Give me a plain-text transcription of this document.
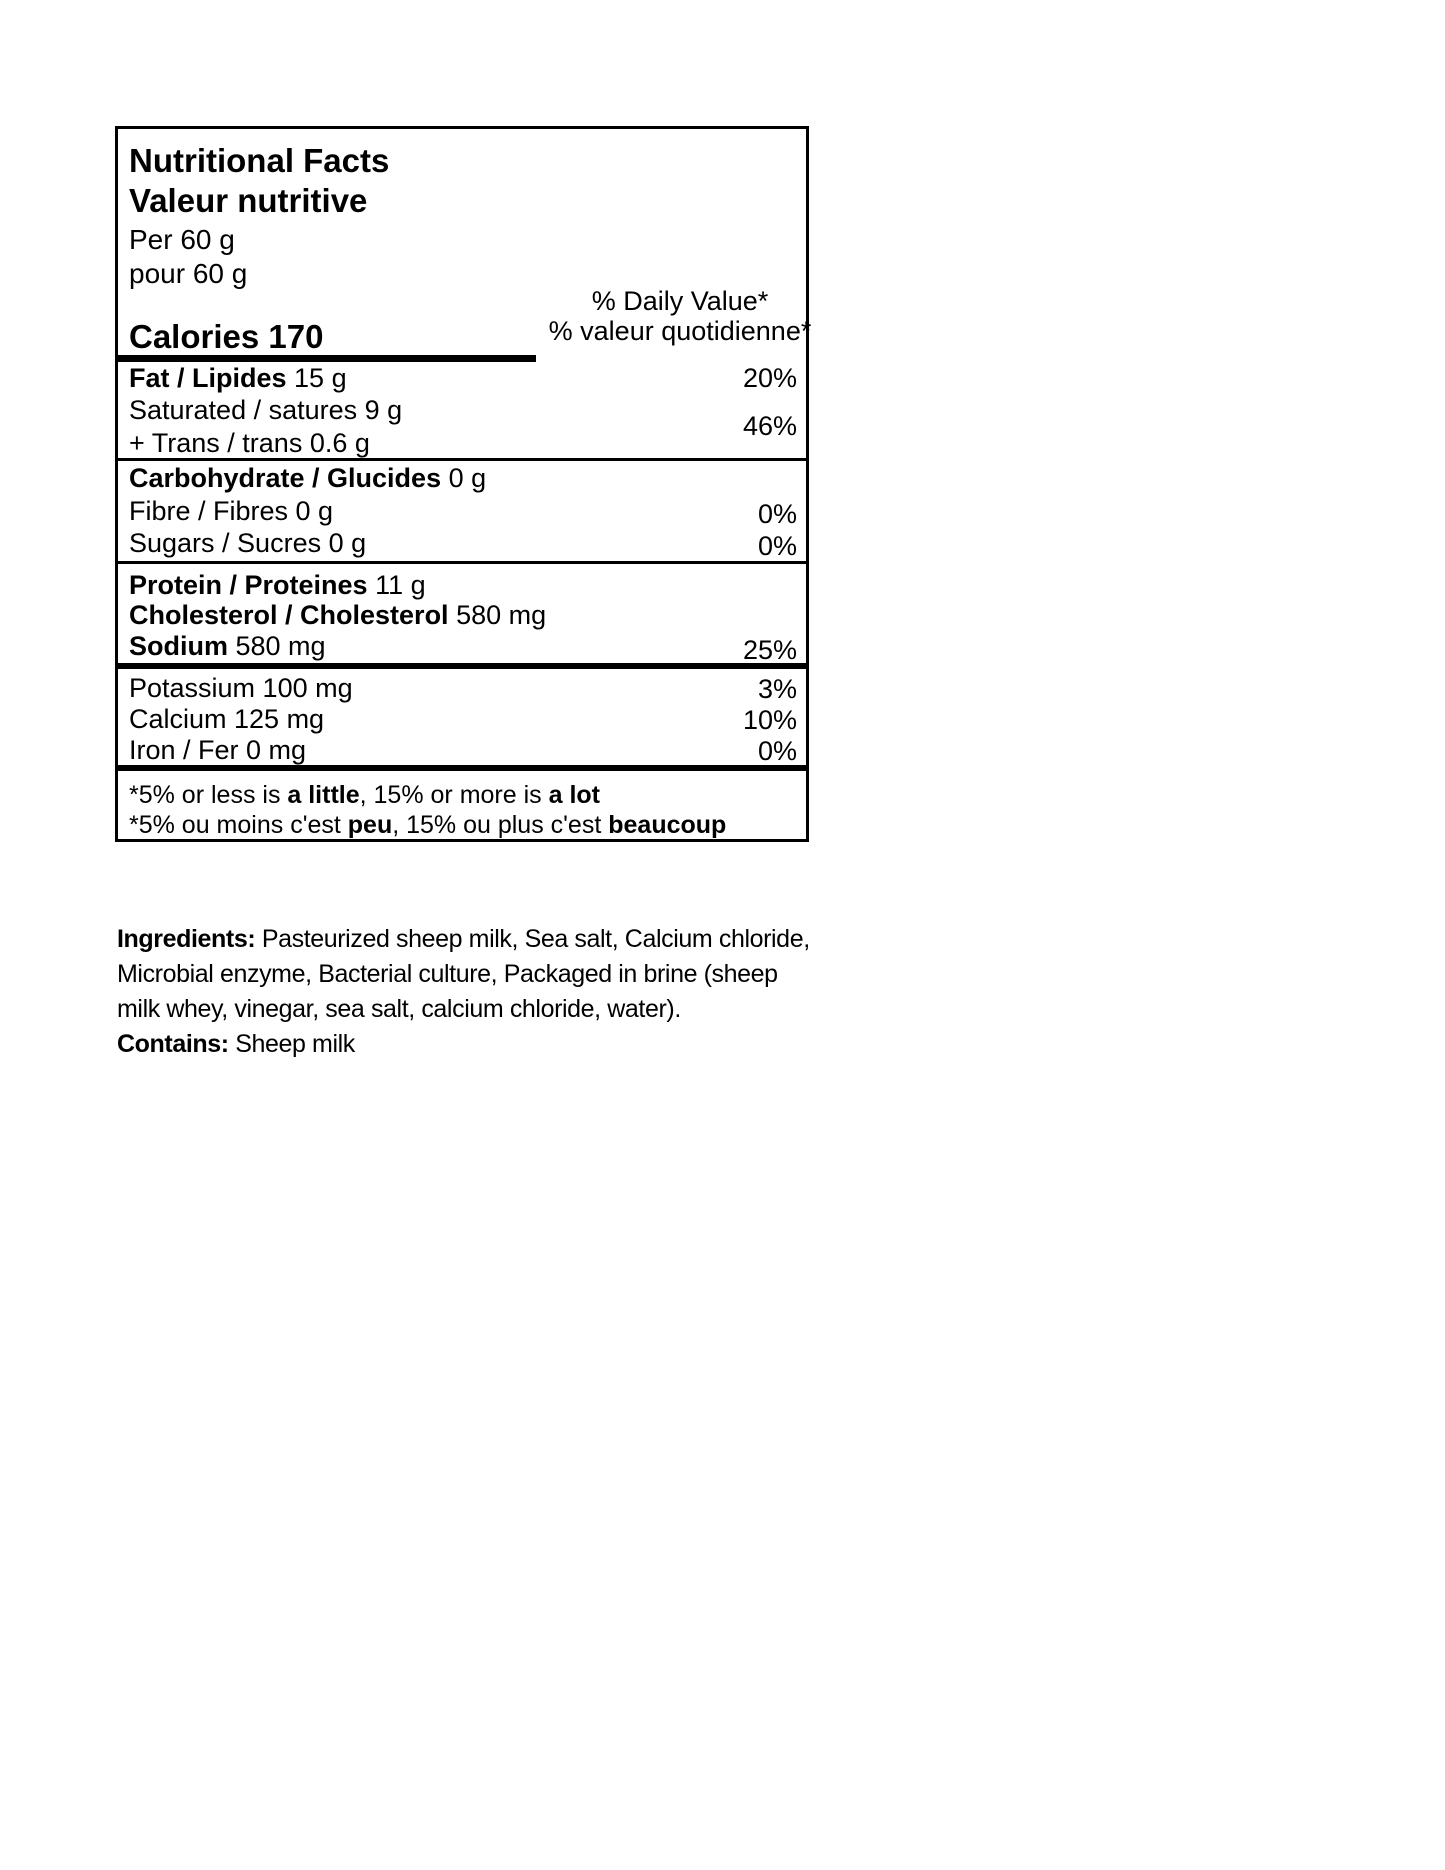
Nutritional Facts
Valeur nutritive
Per 60 g
pour 60 g
% Daily Value*
% valeur quotidienne*
Calories 170
Fat / Lipides 15 g
Saturated / satures 9 g
+ Trans / trans 0.6 g
Carbohydrate / Glucides 0 g
Fibre / Fibres 0 g
Sugars / Sucres 0 g
Protein / Proteines 11 g
Cholesterol / Cholesterol 580 mg
Sodium 580 mg
Potassium 100 mg
Calcium 125 mg
Iron / Fer 0 mg
*5% or less is a little, 15% or more is a lot
*5% ou moins c'est peu, 15% ou plus c'est beaucoup
20%
46%
0%
0%
25%
3%
10%
0%
Ingredients: Pasteurized sheep milk, Sea salt, Calcium chloride, Microbial enzyme, Bacterial culture, Packaged in brine (sheep milk whey, vinegar, sea salt, calcium chloride, water).
Contains: Sheep milk
